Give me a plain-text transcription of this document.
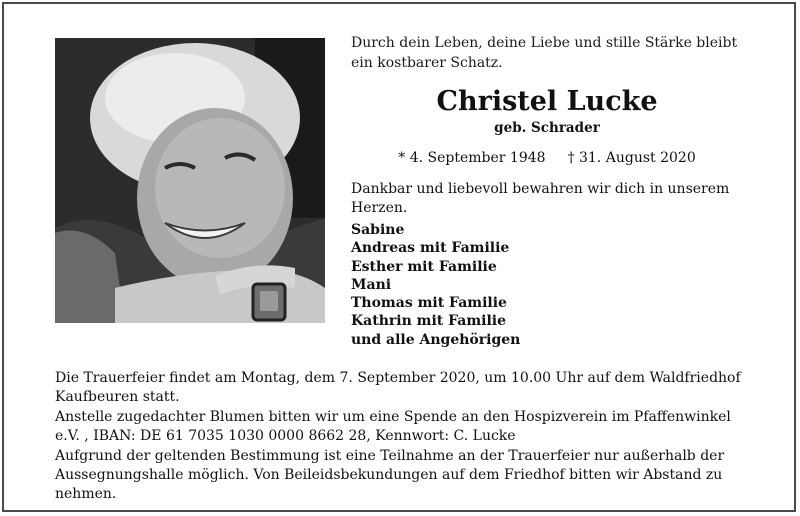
Durch dein Leben, deine Liebe und stille Stärke bleibt ein kostbarer Schatz.
Christel Lucke
geb. Schrader
* 4. September 1948 † 31. August 2020
Dankbar und liebevoll bewahren wir dich in unserem Herzen.
Sabine
Andreas mit Familie
Esther mit Familie
Mani
Thomas mit Familie
Kathrin mit Familie
und alle Angehörigen

Die Trauerfeier findet am Montag, dem 7. September 2020, um 10.00 Uhr auf dem Waldfriedhof Kaufbeuren statt.

Anstelle zugedachter Blumen bitten wir um eine Spende an den Hospizverein im Pfaffenwinkel e.V. , IBAN: DE 61 7035 1030 0000 8662 28, Kennwort: C. Lucke

Aufgrund der geltenden Bestimmung ist eine Teilnahme an der Trauerfeier nur außerhalb der Aussegnungshalle möglich. Von Beileidsbekundungen auf dem Friedhof bitten wir Abstand zu nehmen.
